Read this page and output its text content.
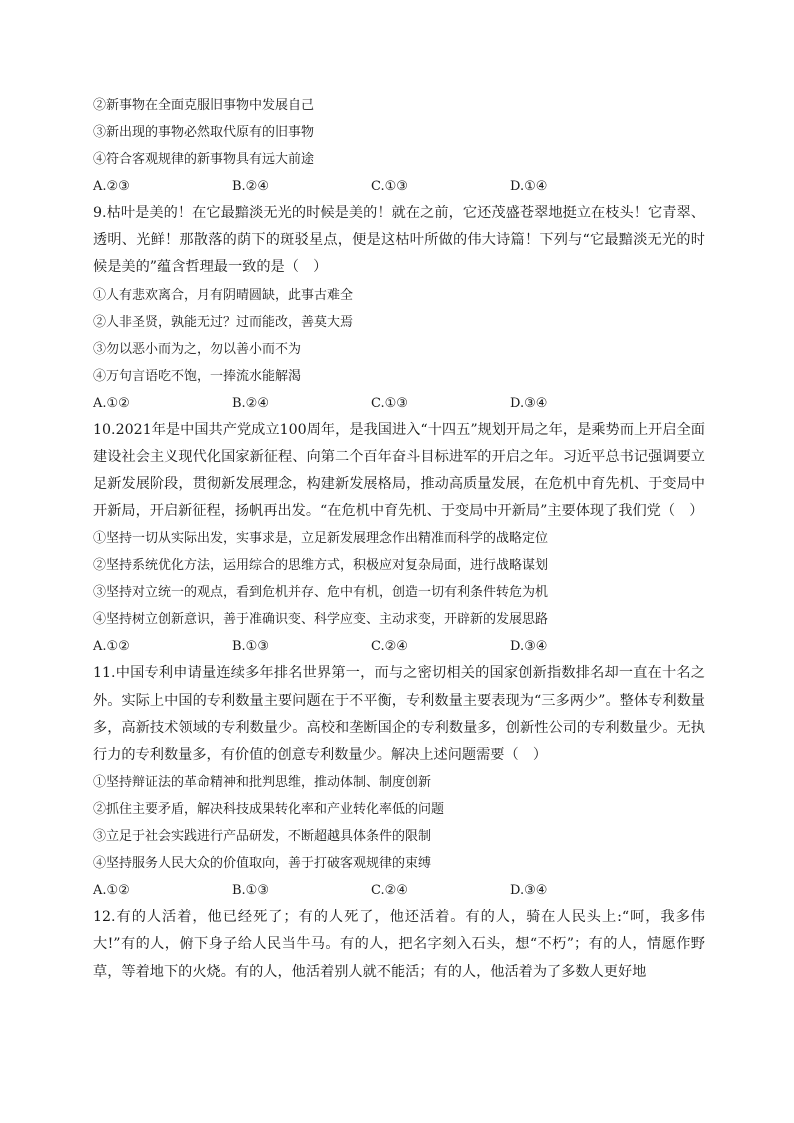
②新事物在全面克服旧事物中发展自己
③新出现的事物必然取代原有的旧事物
④符合客观规律的新事物具有远大前途
A.②③	B.②④	C.①③	D.①④
9.枯叶是美的！在它最黯淡无光的时候是美的！就在之前，它还茂盛苍翠地挺立在枝头！它青翠、透明、光鲜！那散落的荫下的斑驳星点，便是这枯叶所做的伟大诗篇！下列与“它最黯淡无光的时候是美的”蕴含哲理最一致的是（　）
①人有悲欢离合，月有阴晴圆缺，此事古难全
②人非圣贤，孰能无过？过而能改，善莫大焉
③勿以恶小而为之，勿以善小而不为
④万句言语吃不饱，一捧流水能解渴
A.①②	B.②④	C.①③	D.③④
10.2021年是中国共产党成立100周年，是我国进入“十四五”规划开局之年，是乘势而上开启全面建设社会主义现代化国家新征程、向第二个百年奋斗目标进军的开启之年。习近平总书记强调要立足新发展阶段，贯彻新发展理念，构建新发展格局，推动高质量发展，在危机中育先机、于变局中开新局，开启新征程，扬帆再出发。“在危机中育先机、于变局中开新局”主要体现了我们党（　）
①坚持一切从实际出发，实事求是，立足新发展理念作出精准而科学的战略定位
②坚持系统优化方法，运用综合的思维方式，积极应对复杂局面，进行战略谋划
③坚持对立统一的观点，看到危机并存、危中有机，创造一切有利条件转危为机
④坚持树立创新意识，善于准确识变、科学应变、主动求变，开辟新的发展思路
A.①②	B.①③	C.②④	D.③④
11.中国专利申请量连续多年排名世界第一，而与之密切相关的国家创新指数排名却一直在十名之外。实际上中国的专利数量主要问题在于不平衡，专利数量主要表现为“三多两少”。整体专利数量多，高新技术领域的专利数量少。高校和垄断国企的专利数量多，创新性公司的专利数量少。无执行力的专利数量多，有价值的创意专利数量少。解决上述问题需要（　）
①坚持辩证法的革命精神和批判思维，推动体制、制度创新
②抓住主要矛盾，解决科技成果转化率和产业转化率低的问题
③立足于社会实践进行产品研发，不断超越具体条件的限制
④坚持服务人民大众的价值取向，善于打破客观规律的束缚
A.①②	B.①③	C.②④	D.③④
12.有的人活着，他已经死了；有的人死了，他还活着。有的人，骑在人民头上:“呵，我多伟大!”有的人，俯下身子给人民当牛马。有的人，把名字刻入石头，想“不朽”；有的人，情愿作野草，等着地下的火烧。有的人，他活着别人就不能活；有的人，他活着为了多数人更好地
